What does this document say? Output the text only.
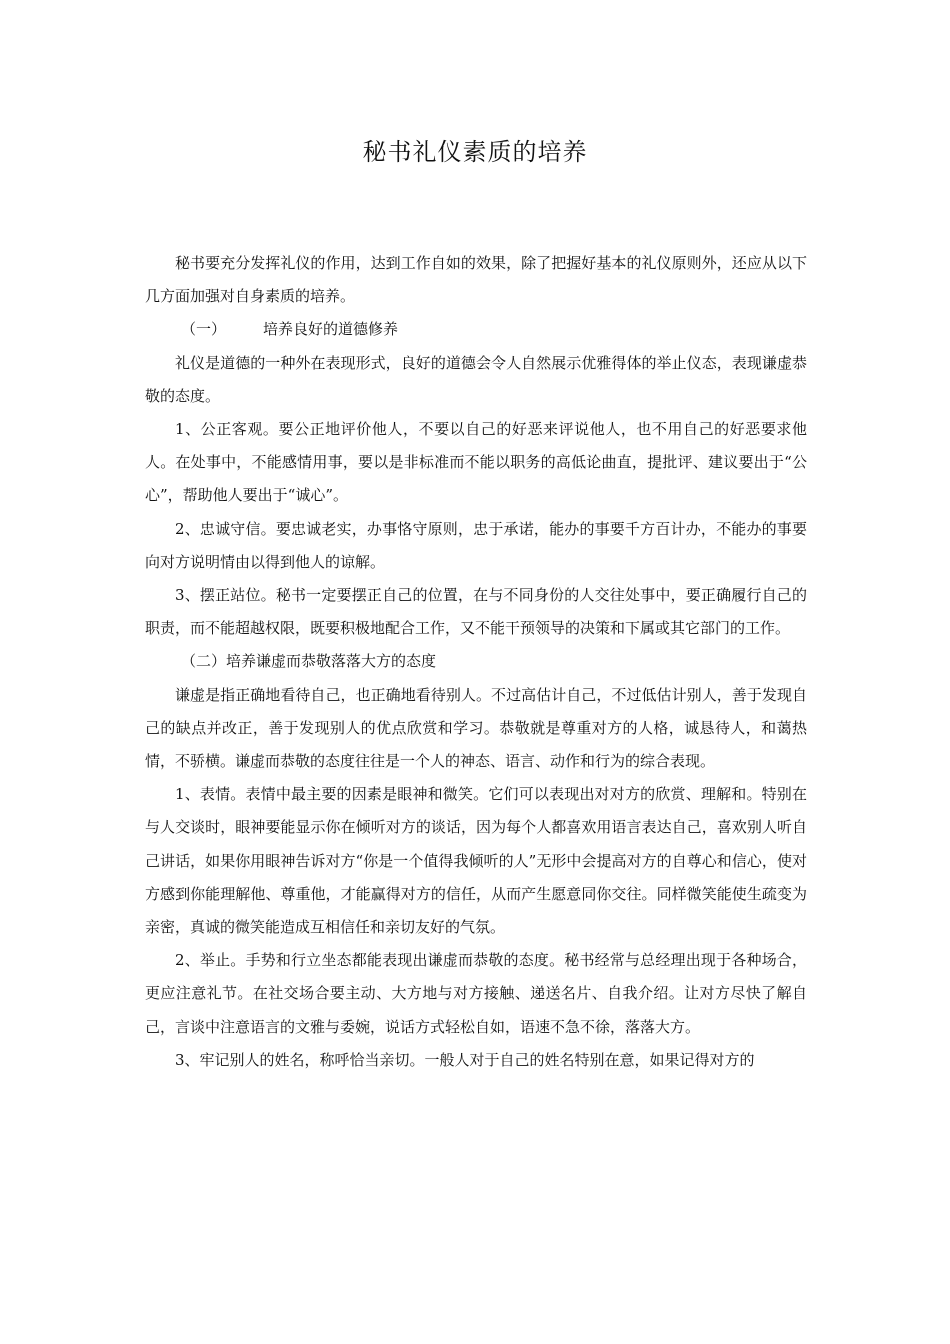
秘书礼仪素质的培养

秘书要充分发挥礼仪的作用，达到工作自如的效果，除了把握好基本的礼仪原则外，还应从以下几方面加强对自身素质的培养。

（一） 培养良好的道德修养

礼仪是道德的一种外在表现形式，良好的道德会令人自然展示优雅得体的举止仪态，表现谦虚恭敬的态度。

1、公正客观。要公正地评价他人，不要以自己的好恶来评说他人，也不用自己的好恶要求他人。在处事中，不能感情用事，要以是非标准而不能以职务的高低论曲直，提批评、建议要出于“公心”，帮助他人要出于“诚心”。

2、忠诚守信。要忠诚老实，办事恪守原则，忠于承诺，能办的事要千方百计办，不能办的事要向对方说明情由以得到他人的谅解。

3、摆正站位。秘书一定要摆正自己的位置，在与不同身份的人交往处事中，要正确履行自己的职责，而不能超越权限，既要积极地配合工作，又不能干预领导的决策和下属或其它部门的工作。

（二）培养谦虚而恭敬落落大方的态度

谦虚是指正确地看待自己，也正确地看待别人。不过高估计自己，不过低估计别人，善于发现自己的缺点并改正，善于发现别人的优点欣赏和学习。恭敬就是尊重对方的人格，诚恳待人，和蔼热情，不骄横。谦虚而恭敬的态度往往是一个人的神态、语言、动作和行为的综合表现。

1、表情。表情中最主要的因素是眼神和微笑。它们可以表现出对对方的欣赏、理解和。特别在与人交谈时，眼神要能显示你在倾听对方的谈话，因为每个人都喜欢用语言表达自己，喜欢别人听自己讲话，如果你用眼神告诉对方“你是一个值得我倾听的人”无形中会提高对方的自尊心和信心，使对方感到你能理解他、尊重他，才能赢得对方的信任，从而产生愿意同你交往。同样微笑能使生疏变为亲密，真诚的微笑能造成互相信任和亲切友好的气氛。

2、举止。手势和行立坐态都能表现出谦虚而恭敬的态度。秘书经常与总经理出现于各种场合，更应注意礼节。在社交场合要主动、大方地与对方接触、递送名片、自我介绍。让对方尽快了解自己，言谈中注意语言的文雅与委婉，说话方式轻松自如，语速不急不徐，落落大方。

3、牢记别人的姓名，称呼恰当亲切。一般人对于自己的姓名特别在意，如果记得对方的
